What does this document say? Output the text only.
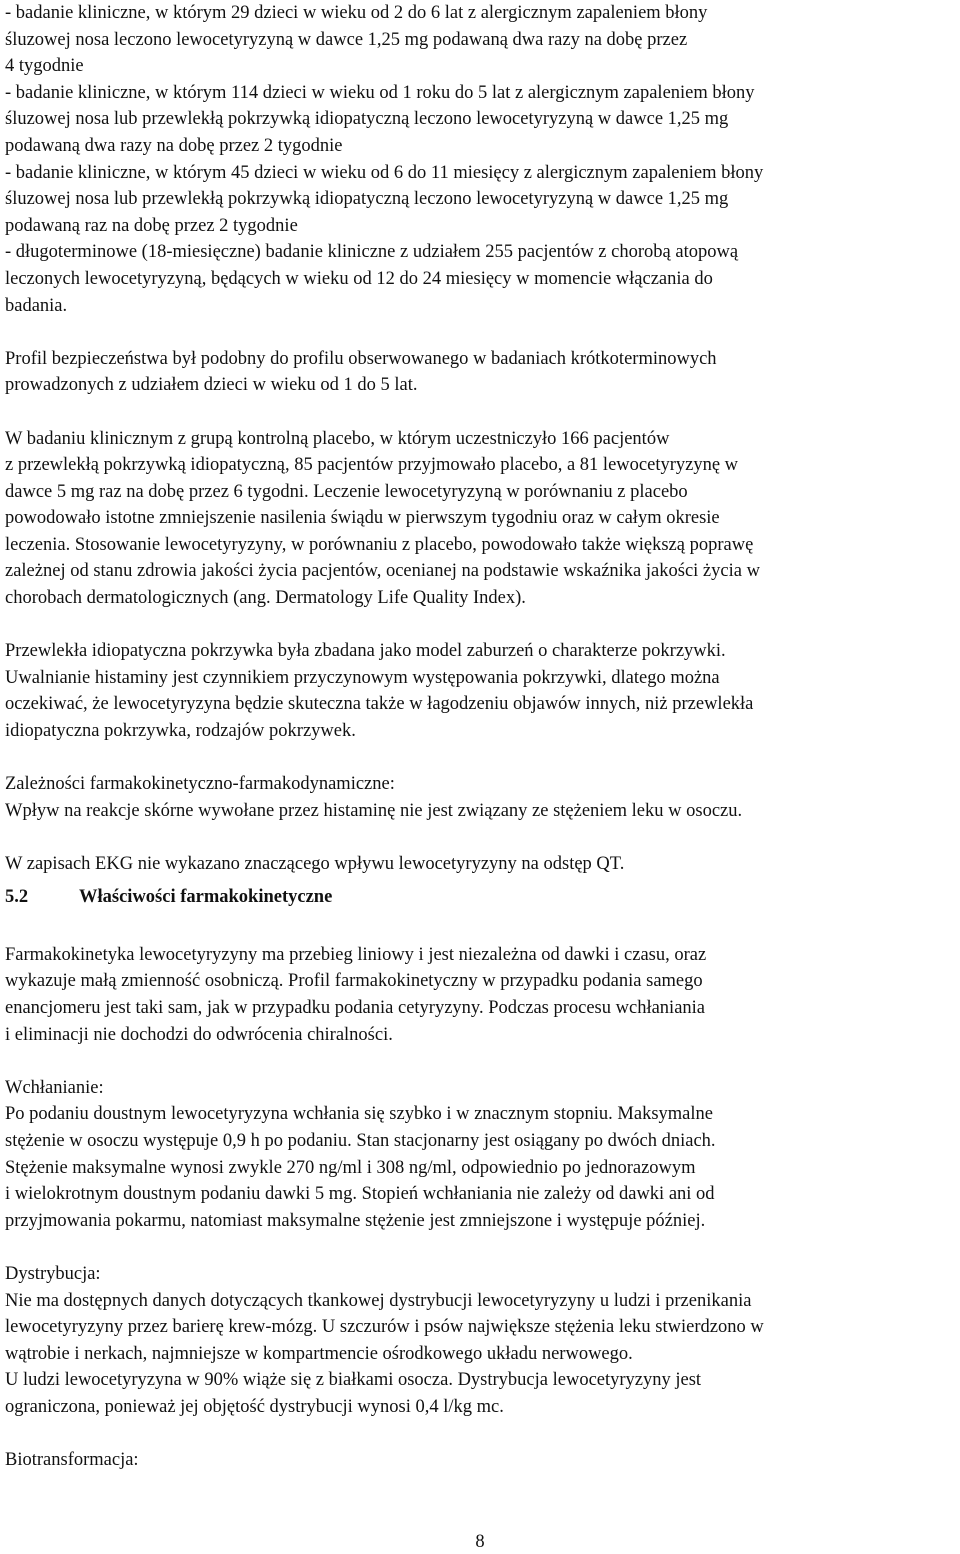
- badanie kliniczne, w którym 29 dzieci w wieku od 2 do 6 lat z alergicznym zapaleniem błony
śluzowej nosa leczono lewocetyryzyną w dawce 1,25 mg podawaną dwa razy na dobę przez
4 tygodnie
- badanie kliniczne, w którym 114 dzieci w wieku od 1 roku do 5 lat z alergicznym zapaleniem błony
śluzowej nosa lub przewlekłą pokrzywką idiopatyczną leczono lewocetyryzyną w dawce 1,25 mg
podawaną dwa razy na dobę przez 2 tygodnie
- badanie kliniczne, w którym 45 dzieci w wieku od 6 do 11 miesięcy z alergicznym zapaleniem błony
śluzowej nosa lub przewlekłą pokrzywką idiopatyczną leczono lewocetyryzyną w dawce 1,25 mg
podawaną raz na dobę przez 2 tygodnie
- długoterminowe (18-miesięczne) badanie kliniczne z udziałem 255 pacjentów z chorobą atopową
leczonych lewocetyryzyną, będących w wieku od 12 do 24 miesięcy w momencie włączania do
badania.
Profil bezpieczeństwa był podobny do profilu obserwowanego w badaniach krótkoterminowych
prowadzonych z udziałem dzieci w wieku od 1 do 5 lat.
W badaniu klinicznym z grupą kontrolną placebo, w którym uczestniczyło 166 pacjentów
z przewlekłą pokrzywką idiopatyczną, 85 pacjentów przyjmowało placebo, a 81 lewocetyryzynę w
dawce 5 mg raz na dobę przez 6 tygodni. Leczenie lewocetyryzyną w porównaniu z placebo
powodowało istotne zmniejszenie nasilenia świądu w pierwszym tygodniu oraz w całym okresie
leczenia. Stosowanie lewocetyryzyny, w porównaniu z placebo, powodowało także większą poprawę
zależnej od stanu zdrowia jakości życia pacjentów, ocenianej na podstawie wskaźnika jakości życia w
chorobach dermatologicznych (ang. Dermatology Life Quality Index).
Przewlekła idiopatyczna pokrzywka była zbadana jako model zaburzeń o charakterze pokrzywki.
Uwalnianie histaminy jest czynnikiem przyczynowym występowania pokrzywki, dlatego można
oczekiwać, że lewocetyryzyna będzie skuteczna także w łagodzeniu objawów innych, niż przewlekła
idiopatyczna pokrzywka, rodzajów pokrzywek.
Zależności farmakokinetyczno-farmakodynamiczne:
Wpływ na reakcje skórne wywołane przez histaminę nie jest związany ze stężeniem leku w osoczu.
W zapisach EKG nie wykazano znaczącego wpływu lewocetyryzyny na odstęp QT.
5.2	Właściwości farmakokinetyczne
Farmakokinetyka lewocetyryzyny ma przebieg liniowy i jest niezależna od dawki i czasu, oraz
wykazuje małą zmienność osobniczą. Profil farmakokinetyczny w przypadku podania samego
enancjomeru jest taki sam, jak w przypadku podania cetyryzyny. Podczas procesu wchłaniania
i eliminacji nie dochodzi do odwrócenia chiralności.
Wchłanianie:
Po podaniu doustnym lewocetyryzyna wchłania się szybko i w znacznym stopniu. Maksymalne
stężenie w osoczu występuje 0,9 h po podaniu. Stan stacjonarny jest osiągany po dwóch dniach.
Stężenie maksymalne wynosi zwykle 270 ng/ml i 308 ng/ml, odpowiednio po jednorazowym
i wielokrotnym doustnym podaniu dawki 5 mg. Stopień wchłaniania nie zależy od dawki ani od
przyjmowania pokarmu, natomiast maksymalne stężenie jest zmniejszone i występuje później.
Dystrybucja:
Nie ma dostępnych danych dotyczących tkankowej dystrybucji lewocetyryzyny u ludzi i przenikania
lewocetyryzyny przez barierę krew-mózg. U szczurów i psów największe stężenia leku stwierdzono w
wątrobie i nerkach, najmniejsze w kompartmencie ośrodkowego układu nerwowego.
U ludzi lewocetyryzyna w 90% wiąże się z białkami osocza. Dystrybucja lewocetyryzyny jest
ograniczona, ponieważ jej objętość dystrybucji wynosi 0,4 l/kg mc.
Biotransformacja:
8
